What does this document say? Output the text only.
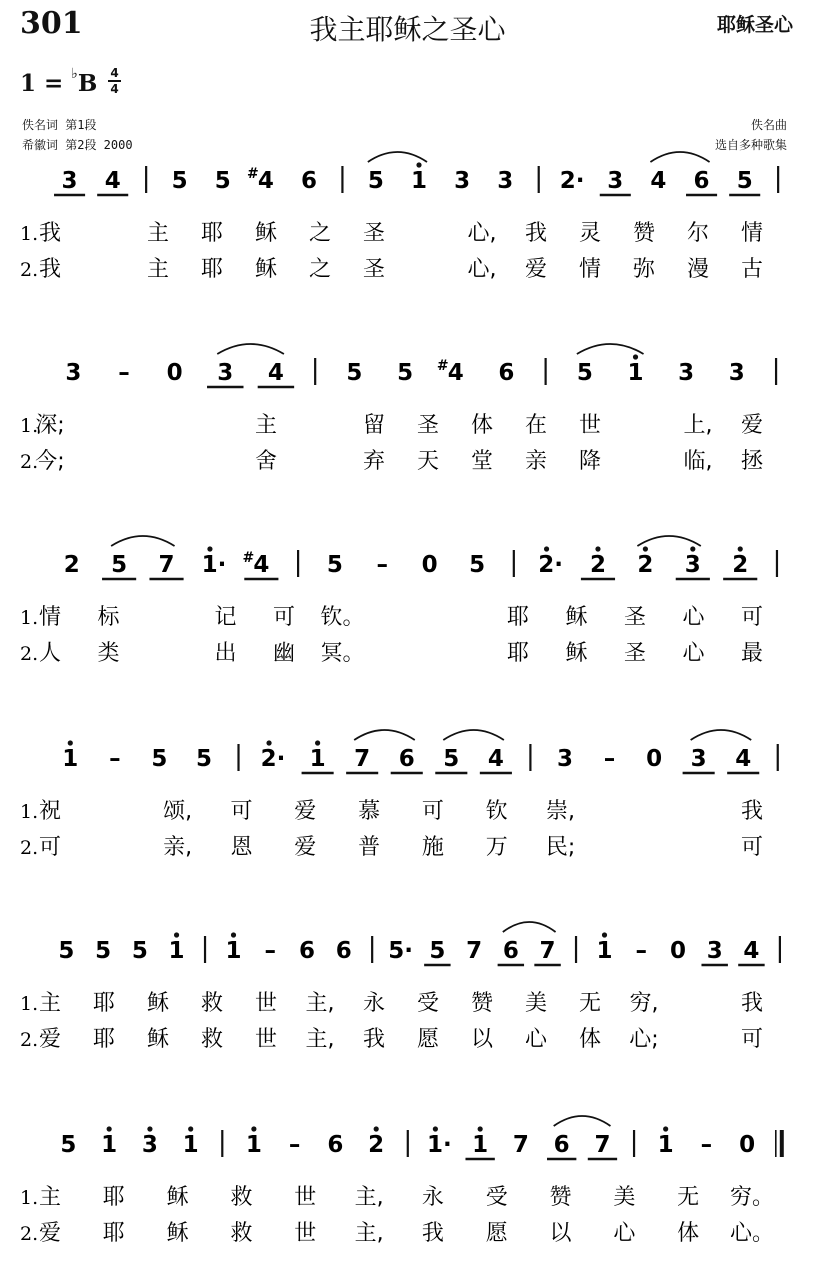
301	我主耶稣之圣心	耶稣圣心
1 = ♭B 4
4
佚名词 第1段
希徽词 第2段 2000
佚名曲
选自多种歌集
3 4 5 5 4
# 6 5 1 3 3 2· 3 4 6 5
1. 我	主 耶 稣 之 圣	心, 我 灵 赞 尔 情
2. 我	主 耶 稣 之 圣	心, 爱 情 弥 漫 古
3 – 0 3 4	5 5 4
# 6	5 1 3 3
1.
深;	主	留 圣 体 在 世	上, 爱
2.
今;	舍	弃 天 堂 亲 降	临, 拯
2 5 7 1· 4
#	5 – 0 5 2· 2 2 3 2
1. 情 标	记 可 钦。	耶 稣 圣 心 可
2. 人 类	出 幽 冥。	耶 稣 圣 心 最
1 – 5 5 2· 1 7 6 5 4 3 – 0 3 4
1. 祝	颂, 可 爱 慕 可 钦 崇,	我
2. 可	亲, 恩 爱 普 施 万 民;	可
5 5 5 1 1 – 6 6 5· 5 7 6 7 1 – 0 3 4
1. 主 耶 稣 救 世 主, 永 受 赞 美 无 穷,	我
2. 爱 耶 稣 救 世 主, 我 愿 以 心 体 心;	可
5 1 3 1 1 – 6 2 1· 1 7 6 7 1 – 0
1. 主 耶 稣 救 世 主, 永 受 赞 美 无 穷。
2. 爱 耶 稣 救 世 主, 我 愿 以 心 体 心。
